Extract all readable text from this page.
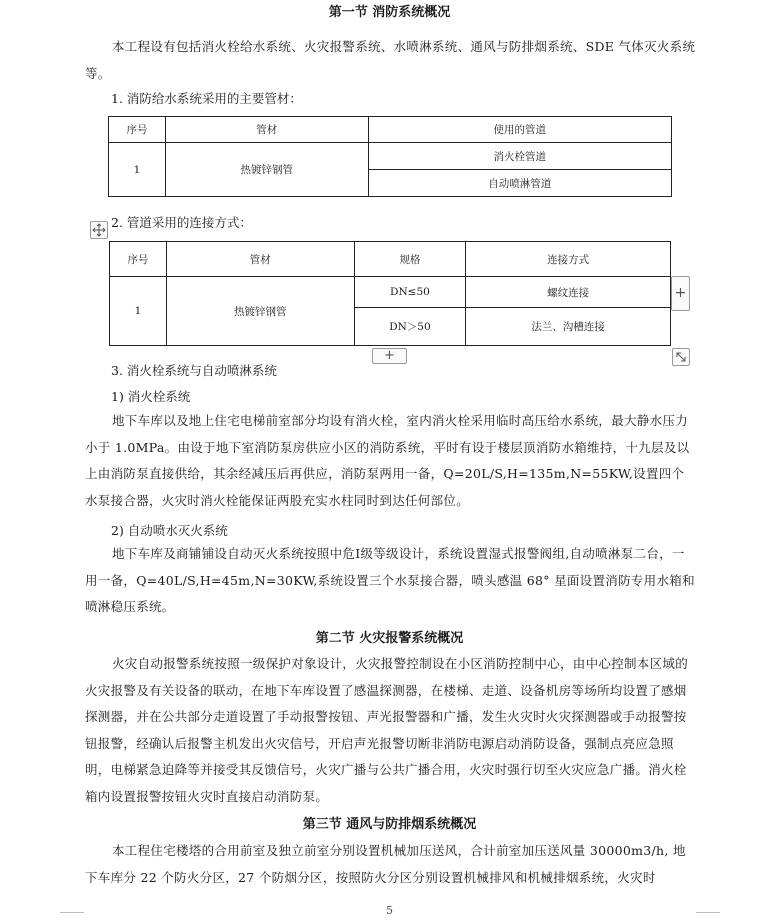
第一节 消防系统概况
本工程设有包括消火栓给水系统、火灾报警系统、水喷淋系统、通风与防排烟系统、SDE 气体灭火系统等。
1. 消防给水系统采用的主要管材：
序号	管材	使用的管道
1	热镀锌钢管	消火栓管道
		自动喷淋管道
2. 管道采用的连接方式：
序号	管材	规格	连接方式
1	热镀锌钢管	DN≤50	螺纹连接
		DN＞50	法兰、沟槽连接
+
+
3. 消火栓系统与自动喷淋系统
1) 消火栓系统
地下车库以及地上住宅电梯前室部分均设有消火栓，室内消火栓采用临时高压给水系统，最大静水压力小于 1.0MPa。由设于地下室消防泵房供应小区的消防系统，平时有设于楼层顶消防水箱维持，十九层及以上由消防泵直接供给，其余经减压后再供应，消防泵两用一备，Q=20L/S,H=135m,N=55KW,设置四个水泵接合器，火灾时消火栓能保证两股充实水柱同时到达任何部位。
2) 自动喷水灭火系统
地下车库及商铺铺设自动灭火系统按照中危Ⅰ级等级设计，系统设置湿式报警阀组,自动喷淋泵二台，一用一备，Q=40L/S,H=45m,N=30KW,系统设置三个水泵接合器，喷头感温 68° 星面设置消防专用水箱和喷淋稳压系统。
第二节 火灾报警系统概况
火灾自动报警系统按照一级保护对象设计，火灾报警控制设在小区消防控制中心，由中心控制本区域的火灾报警及有关设备的联动，在地下车库设置了感温探测器，在楼梯、走道、设备机房等场所均设置了感烟探测器，并在公共部分走道设置了手动报警按钮、声光报警器和广播，发生火灾时火灾探测器或手动报警按钮报警，经确认后报警主机发出火灾信号，开启声光报警切断非消防电源启动消防设备，强制点亮应急照明，电梯紧急迫降等并接受其反馈信号，火灾广播与公共广播合用，火灾时强行切至火灾应急广播。消火栓箱内设置报警按钮火灾时直接启动消防泵。
第三节 通风与防排烟系统概况
本工程住宅楼塔的合用前室及独立前室分别设置机械加压送风，合计前室加压送风量 30000m3/h, 地下车库分 22 个防火分区，27 个防烟分区，按照防火分区分别设置机械排风和机械排烟系统，火灾时
5
